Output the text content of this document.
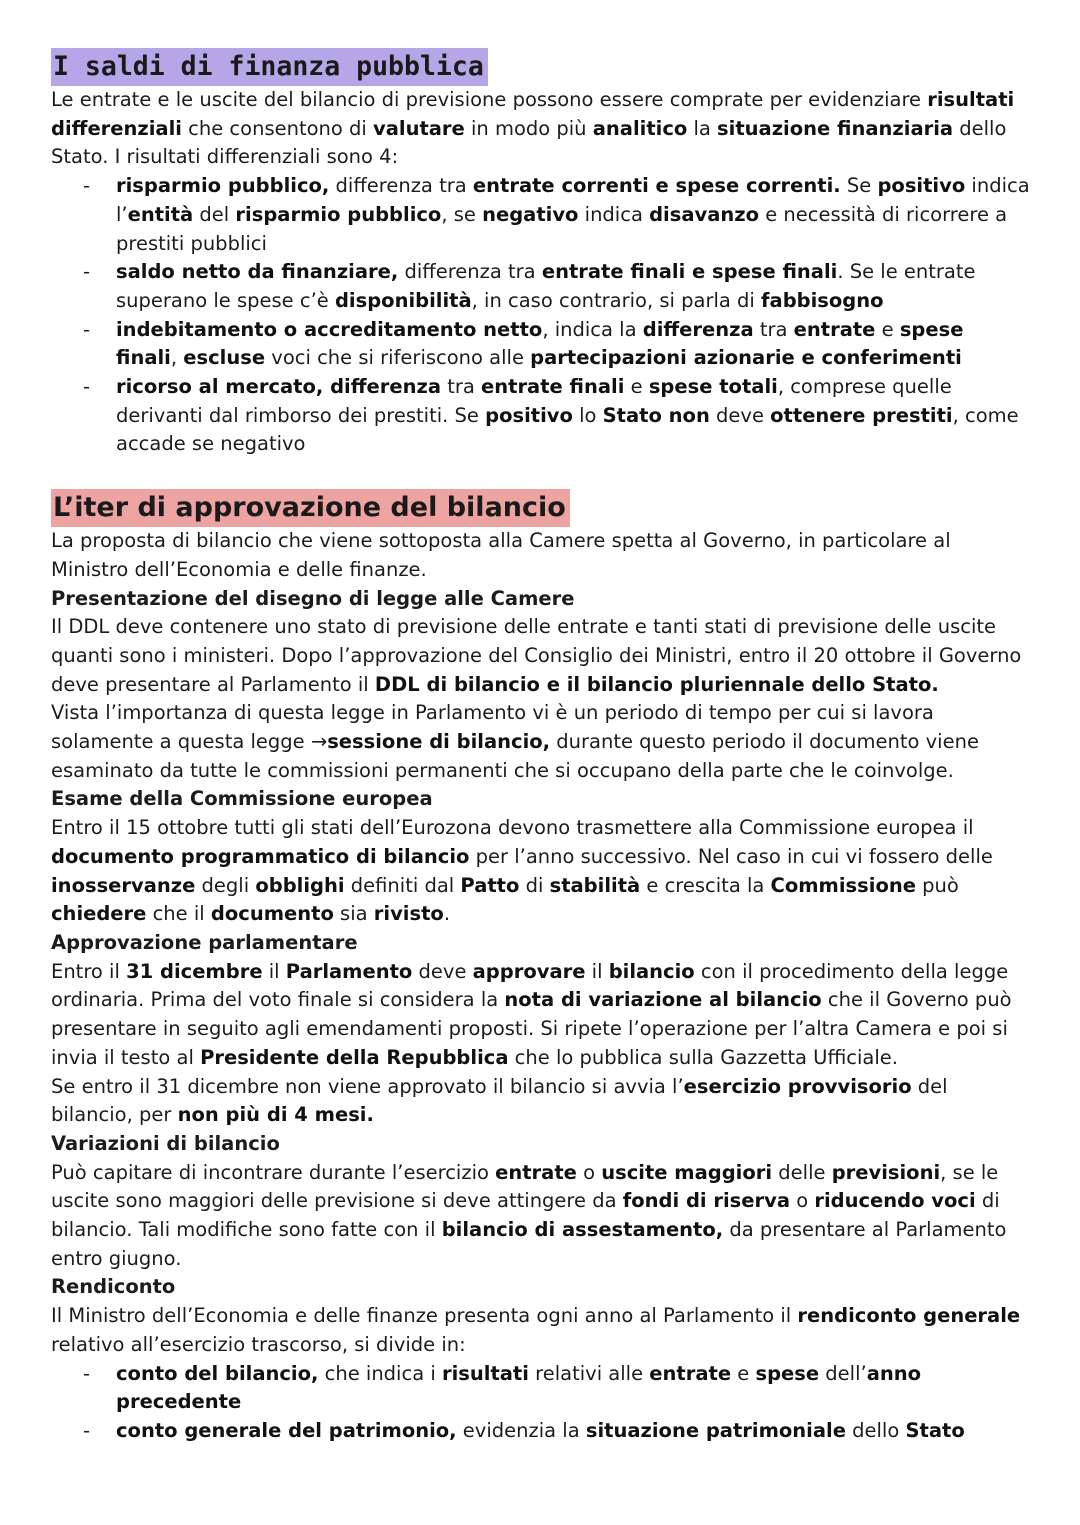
I saldi di finanza pubblica

Le entrate e le uscite del bilancio di previsione possono essere comprate per evidenziare risultati differenziali che consentono di valutare in modo più analitico la situazione finanziaria dello Stato. I risultati differenziali sono 4:

- risparmio pubblico, differenza tra entrate correnti e spese correnti. Se positivo indica l’entità del risparmio pubblico, se negativo indica disavanzo e necessità di ricorrere a prestiti pubblici
- saldo netto da finanziare, differenza tra entrate finali e spese finali. Se le entrate superano le spese c’è disponibilità, in caso contrario, si parla di fabbisogno
- indebitamento o accreditamento netto, indica la differenza tra entrate e spese finali, escluse voci che si riferiscono alle partecipazioni azionarie e conferimenti
- ricorso al mercato, differenza tra entrate finali e spese totali, comprese quelle derivanti dal rimborso dei prestiti. Se positivo lo Stato non deve ottenere prestiti, come accade se negativo
L’iter di approvazione del bilancio

La proposta di bilancio che viene sottoposta alla Camere spetta al Governo, in particolare al Ministro dell’Economia e delle finanze.

Presentazione del disegno di legge alle Camere

Il DDL deve contenere uno stato di previsione delle entrate e tanti stati di previsione delle uscite quanti sono i ministeri. Dopo l’approvazione del Consiglio dei Ministri, entro il 20 ottobre il Governo deve presentare al Parlamento il DDL di bilancio e il bilancio pluriennale dello Stato.

Vista l’importanza di questa legge in Parlamento vi è un periodo di tempo per cui si lavora solamente a questa legge →sessione di bilancio, durante questo periodo il documento viene esaminato da tutte le commissioni permanenti che si occupano della parte che le coinvolge.

Esame della Commissione europea

Entro il 15 ottobre tutti gli stati dell’Eurozona devono trasmettere alla Commissione europea il documento programmatico di bilancio per l’anno successivo. Nel caso in cui vi fossero delle inosservanze degli obblighi definiti dal Patto di stabilità e crescita la Commissione può chiedere che il documento sia rivisto.

Approvazione parlamentare

Entro il 31 dicembre il Parlamento deve approvare il bilancio con il procedimento della legge ordinaria. Prima del voto finale si considera la nota di variazione al bilancio che il Governo può presentare in seguito agli emendamenti proposti. Si ripete l’operazione per l’altra Camera e poi si invia il testo al Presidente della Repubblica che lo pubblica sulla Gazzetta Ufficiale.

Se entro il 31 dicembre non viene approvato il bilancio si avvia l’esercizio provvisorio del bilancio, per non più di 4 mesi.

Variazioni di bilancio

Può capitare di incontrare durante l’esercizio entrate o uscite maggiori delle previsioni, se le uscite sono maggiori delle previsione si deve attingere da fondi di riserva o riducendo voci di bilancio. Tali modifiche sono fatte con il bilancio di assestamento, da presentare al Parlamento entro giugno.

Rendiconto

Il Ministro dell’Economia e delle finanze presenta ogni anno al Parlamento il rendiconto generale relativo all’esercizio trascorso, si divide in:

- conto del bilancio, che indica i risultati relativi alle entrate e spese dell’anno precedente
- conto generale del patrimonio, evidenzia la situazione patrimoniale dello Stato
